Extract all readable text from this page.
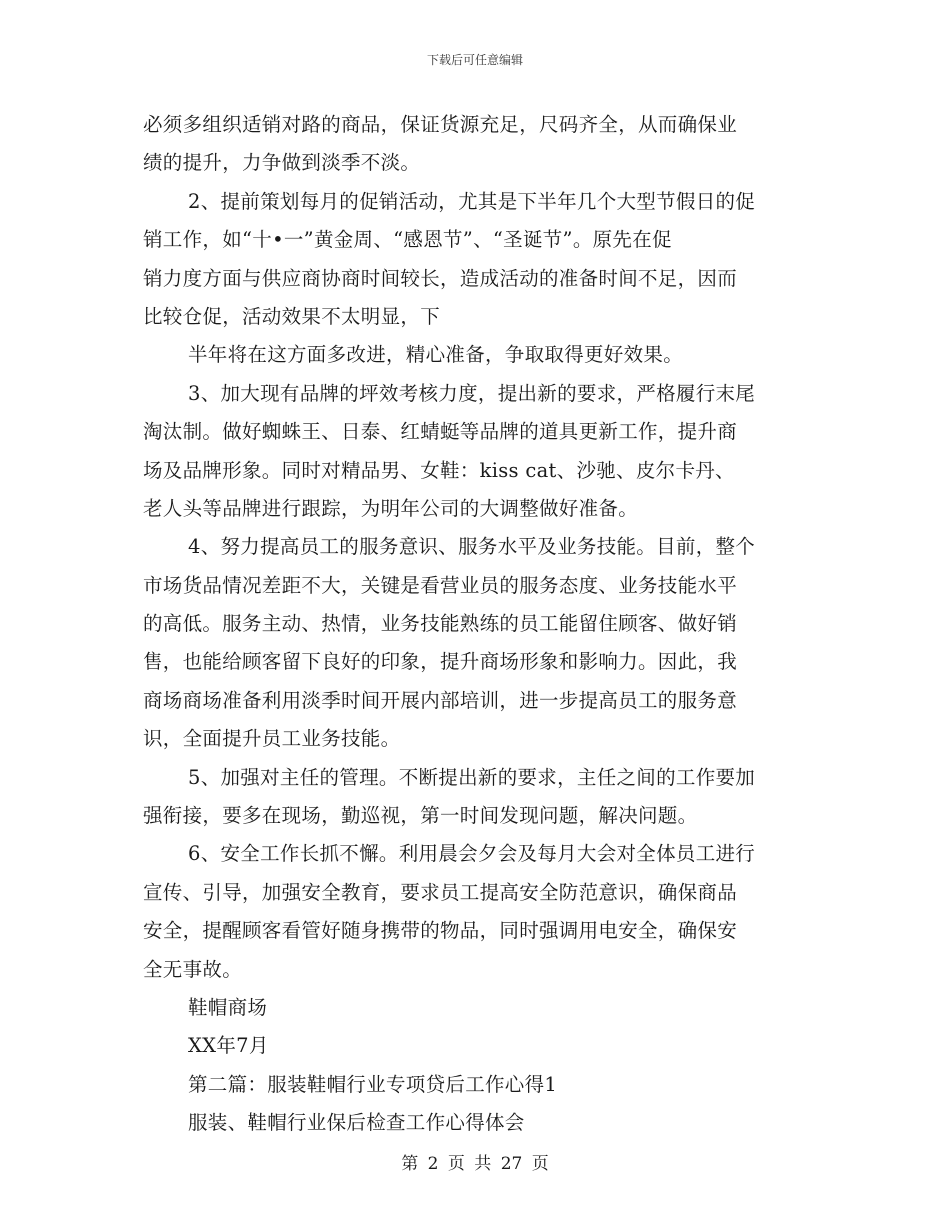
下载后可任意编辑
必须多组织适销对路的商品，保证货源充足，尺码齐全，从而确保业
绩的提升，力争做到淡季不淡。
2、提前策划每月的促销活动，尤其是下半年几个大型节假日的促
销工作，如“十•一”黄金周、“感恩节”、“圣诞节”。原先在促
销力度方面与供应商协商时间较长，造成活动的准备时间不足，因而
比较仓促，活动效果不太明显，下
半年将在这方面多改进，精心准备，争取取得更好效果。
3、加大现有品牌的坪效考核力度，提出新的要求，严格履行末尾
淘汰制。做好蜘蛛王、日泰、红蜻蜓等品牌的道具更新工作，提升商
场及品牌形象。同时对精品男、女鞋：kiss cat、沙驰、皮尔卡丹、
老人头等品牌进行跟踪，为明年公司的大调整做好准备。
4、努力提高员工的服务意识、服务水平及业务技能。目前，整个
市场货品情况差距不大，关键是看营业员的服务态度、业务技能水平
的高低。服务主动、热情，业务技能熟练的员工能留住顾客、做好销
售，也能给顾客留下良好的印象，提升商场形象和影响力。因此，我
商场商场准备利用淡季时间开展内部培训，进一步提高员工的服务意
识，全面提升员工业务技能。
5、加强对主任的管理。不断提出新的要求，主任之间的工作要加
强衔接，要多在现场，勤巡视，第一时间发现问题，解决问题。
6、安全工作长抓不懈。利用晨会夕会及每月大会对全体员工进行
宣传、引导，加强安全教育，要求员工提高安全防范意识，确保商品
安全，提醒顾客看管好随身携带的物品，同时强调用电安全，确保安
全无事故。
鞋帽商场
XX年7月
第二篇：服装鞋帽行业专项贷后工作心得1
服装、鞋帽行业保后检查工作心得体会
第 2 页 共 27 页
